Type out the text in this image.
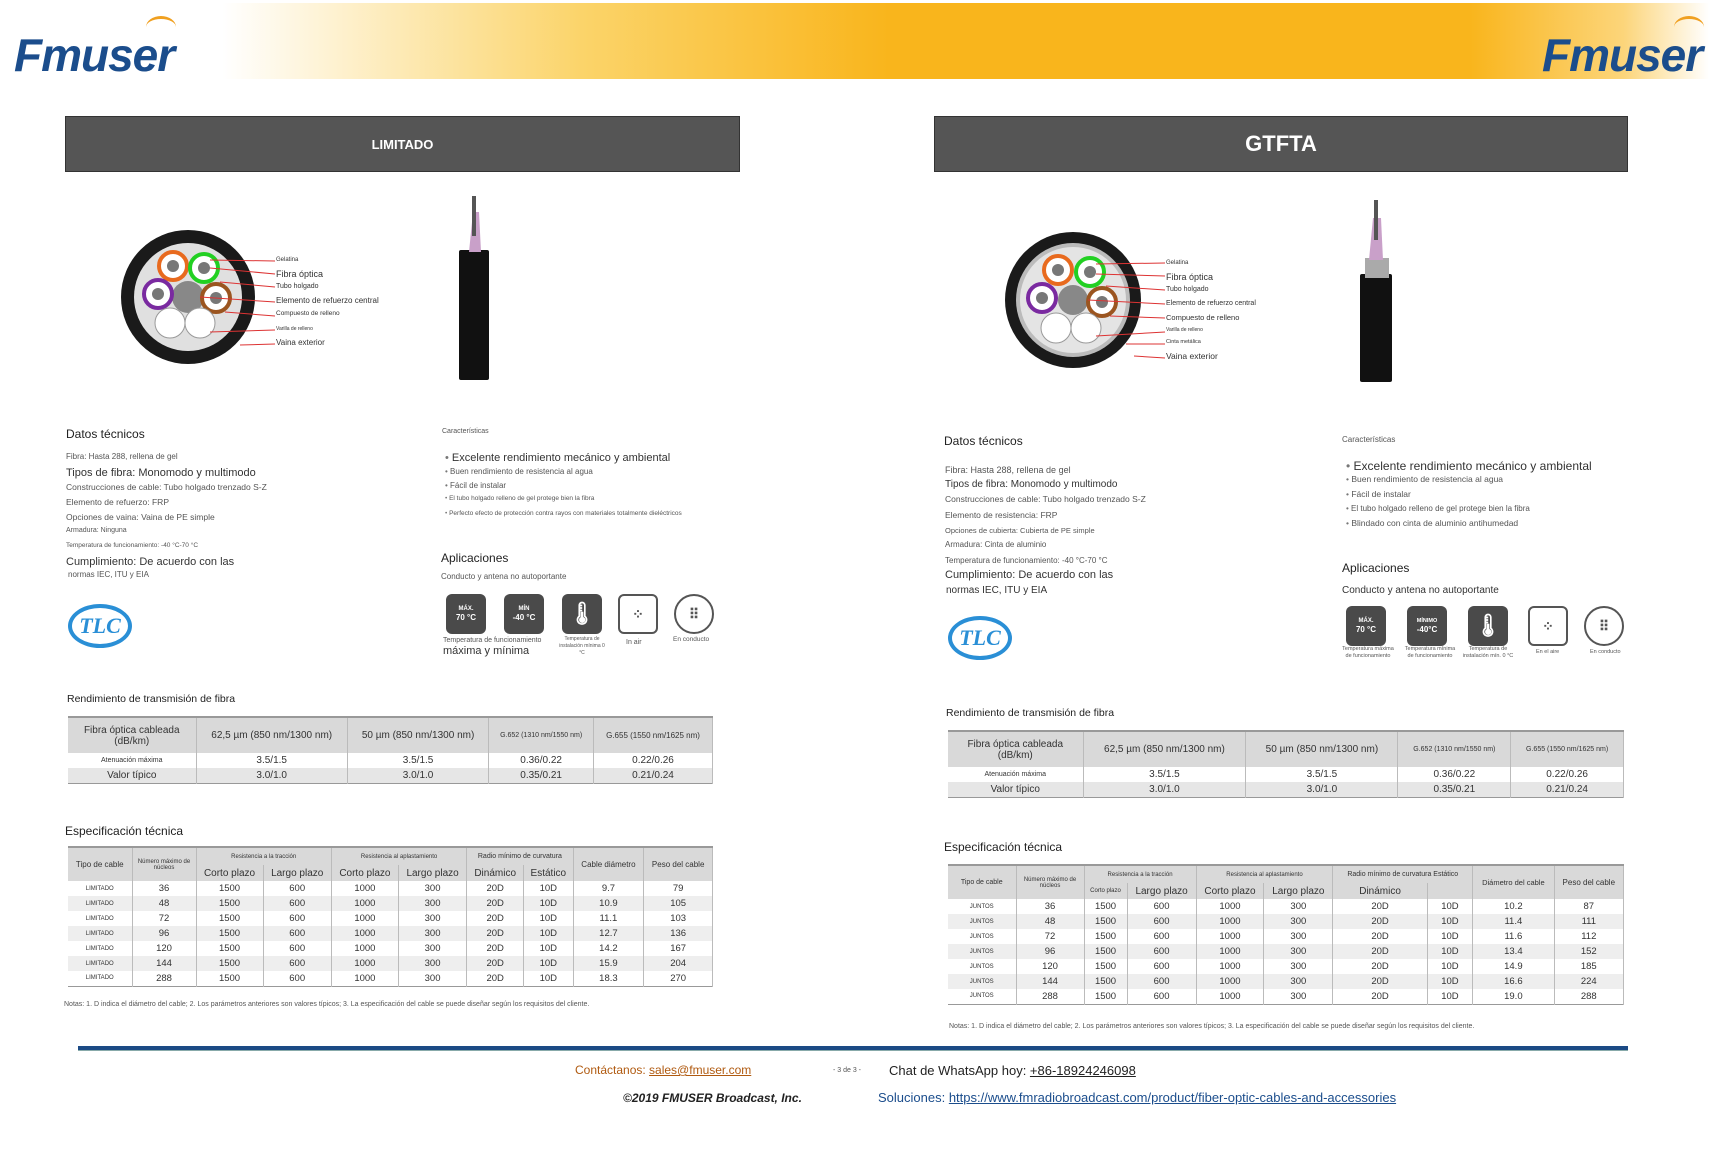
Fmuser	Fmuser
LIMITADO
Gelatina
Fibra óptica
Tubo holgado
Elemento de refuerzo central
Compuesto de relleno
Varilla de relleno
Vaina exterior
Datos técnicos
Fibra: Hasta 288, rellena de gel
Tipos de fibra: Monomodo y multimodo
Construcciones de cable: Tubo holgado trenzado S-Z
Elemento de refuerzo: FRP
Opciones de vaina: Vaina de PE simple
Armadura: Ninguna
Temperatura de funcionamiento: -40 °C-70 °C
Cumplimiento: De acuerdo con las
normas IEC, ITU y EIA
Características
• Excelente rendimiento mecánico y ambiental
• Buen rendimiento de resistencia al agua
• Fácil de instalar
• El tubo holgado relleno de gel protege bien la fibra
• Perfecto efecto de protección contra rayos con materiales totalmente dieléctricos
Aplicaciones
Conducto y antena no autoportante
MÁX.
70 °C
MÍN
-40 °C 🌡	⁘	⠿
Temperatura de funcionamiento
máxima y mínima
Temperatura de instalación mínima 0 °C
In air	En conducto
TLC
Rendimiento de transmisión de fibra
Fibra óptica cableada (dB/km)	62,5 µm (850 nm/1300 nm)	50 µm (850 nm/1300 nm)	G.652 (1310 nm/1550 nm)	G.655 (1550 nm/1625 nm)
Atenuación máxima	3.5/1.5	3.5/1.5	0.36/0.22	0.22/0.26
Valor típico	3.0/1.0	3.0/1.0	0.35/0.21	0.21/0.24
Especificación técnica
Tipo de cable	Número máximo de núcleos	Resistencia a la tracción		Resistencia al aplastamiento		Radio mínimo de curvatura		Cable diámetro	Peso del cable
		Corto plazo	Largo plazo	Corto plazo	Largo plazo	Dinámico	Estático		
LIMITADO	36	1500	600	1000	300	20D	10D	9.7	79
LIMITADO	48	1500	600	1000	300	20D	10D	10.9	105
LIMITADO	72	1500	600	1000	300	20D	10D	11.1	103
LIMITADO	96	1500	600	1000	300	20D	10D	12.7	136
LIMITADO	120	1500	600	1000	300	20D	10D	14.2	167
LIMITADO	144	1500	600	1000	300	20D	10D	15.9	204
LIMITADO	288	1500	600	1000	300	20D	10D	18.3	270
Notas: 1. D indica el diámetro del cable; 2. Los parámetros anteriores son valores típicos; 3. La especificación del cable se puede diseñar según los requisitos del cliente.
GTFTA
Gelatina
Fibra óptica
Tubo holgado
Elemento de refuerzo central
Compuesto de relleno
Varilla de relleno
Cinta metálica
Vaina exterior
Datos técnicos
Fibra: Hasta 288, rellena de gel
Tipos de fibra: Monomodo y multimodo
Construcciones de cable: Tubo holgado trenzado S-Z
Elemento de resistencia: FRP
Opciones de cubierta: Cubierta de PE simple
Armadura: Cinta de aluminio
Temperatura de funcionamiento: -40 °C-70 °C
Cumplimiento: De acuerdo con las
normas IEC, ITU y EIA
Características
• Excelente rendimiento mecánico y ambiental
• Buen rendimiento de resistencia al agua
• Fácil de instalar
• El tubo holgado relleno de gel protege bien la fibra
• Blindado con cinta de aluminio antihumedad
Aplicaciones
Conducto y antena no autoportante
MÁX.
70 °C
MÍNIMO
-40°C 🌡	⁘	⠿
Temperatura máxima de funcionamiento
Temperatura mínima de funcionamiento
Temperatura de instalación mín. 0 °C
En el aire	En conducto
TLC
Rendimiento de transmisión de fibra
Fibra óptica cableada (dB/km)	62,5 µm (850 nm/1300 nm)	50 µm (850 nm/1300 nm)	G.652 (1310 nm/1550 nm)	G.655 (1550 nm/1625 nm)
Atenuación máxima	3.5/1.5	3.5/1.5	0.36/0.22	0.22/0.26
Valor típico	3.0/1.0	3.0/1.0	0.35/0.21	0.21/0.24
Especificación técnica
Tipo de cable	Número máximo de núcleos	Resistencia a la tracción		Resistencia al aplastamiento		Radio mínimo de curvatura Estático		Diámetro del cable	Peso del cable
		Corto plazo	Largo plazo	Corto plazo	Largo plazo	Dinámico			
JUNTOS	36	1500	600	1000	300	20D	10D	10.2	87
JUNTOS	48	1500	600	1000	300	20D	10D	11.4	111
JUNTOS	72	1500	600	1000	300	20D	10D	11.6	112
JUNTOS	96	1500	600	1000	300	20D	10D	13.4	152
JUNTOS	120	1500	600	1000	300	20D	10D	14.9	185
JUNTOS	144	1500	600	1000	300	20D	10D	16.6	224
JUNTOS	288	1500	600	1000	300	20D	10D	19.0	288
Notas: 1. D indica el diámetro del cable; 2. Los parámetros anteriores son valores típicos; 3. La especificación del cable se puede diseñar según los requisitos del cliente.
Contáctanos: sales@fmuser.com	- 3 de 3 - Chat de WhatsApp hoy: +86-18924246098
©2019 FMUSER Broadcast, Inc.	Soluciones: https://www.fmradiobroadcast.com/product/fiber-optic-cables-and-accessories
